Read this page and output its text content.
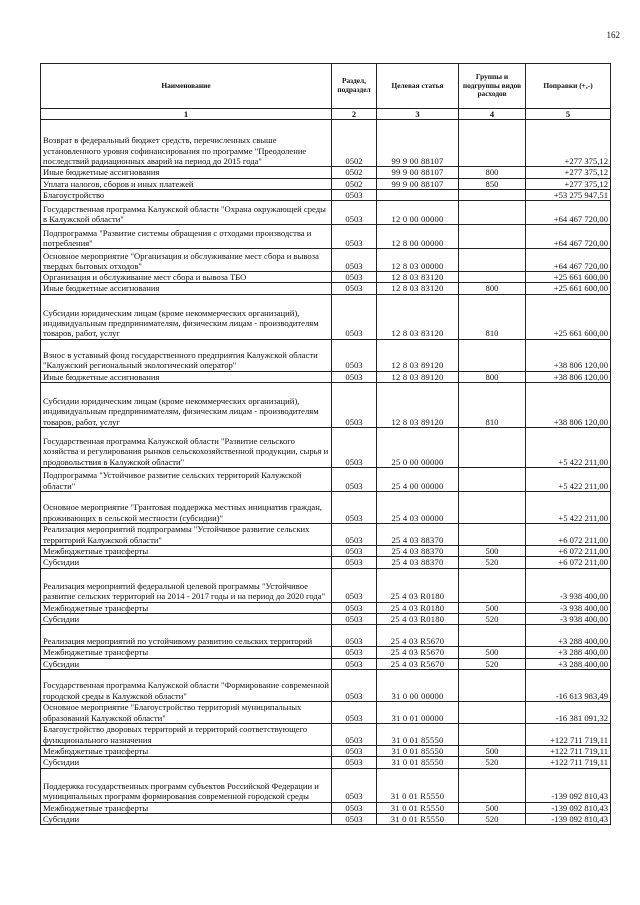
162
Наименование	Раздел, подраздел	Целевая статья	Группы и подгруппы видов расходов	Поправки (+,-)
1	2	3	4	5
Возврат в федеральный бюджет средств, перечисленных свыше установленного уровня софинансирования по программе "Преодоление последствий радиационных аварий на период до 2015 года"	0502	99 9 00 88107		+277 375,12
Иные бюджетные ассигнования	0502	99 9 00 88107	800	+277 375,12
Уплата налогов, сборов и иных платежей	0502	99 9 00 88107	850	+277 375,12
Благоустройство	0503			+53 275 947,51
Государственная программа Калужской области "Охрана окружающей среды в Калужской области"	0503	12 0 00 00000		+64 467 720,00
Подпрограмма "Развитие системы обращения с отходами производства и потребления"	0503	12 8 00 00000		+64 467 720,00
Основное мероприятие "Организация и обслуживание мест сбора и вывоза твердых бытовых отходов"	0503	12 8 03 00000		+64 467 720,00
Организация и обслуживание мест сбора и вывоза ТБО	0503	12 8 03 83120		+25 661 600,00
Иные бюджетные ассигнования	0503	12 8 03 83120	800	+25 661 600,00
Субсидии юридическим лицам (кроме некоммерческих организаций), индивидуальным предпринимателям, физическим лицам - производителям товаров, работ, услуг	0503	12 8 03 83120	810	+25 661 600,00
Взнос в уставный фонд государственного предприятия Калужской области "Калужский региональный экологический оператор"	0503	12 8 03 89120		+38 806 120,00
Иные бюджетные ассигнования	0503	12 8 03 89120	800	+38 806 120,00
Субсидии юридическим лицам (кроме некоммерческих организаций), индивидуальным предпринимателям, физическим лицам - производителям товаров, работ, услуг	0503	12 8 03 89120	810	+38 806 120,00
Государственная программа Калужской области "Развитие сельского хозяйства и регулирования рынков сельскохозяйственной продукции, сырья и продовольствия в Калужской области"	0503	25 0 00 00000		+5 422 211,00
Подпрограмма "Устойчивое развитие сельских территорий Калужской области"	0503	25 4 00 00000		+5 422 211,00
Основное мероприятие "Грантовая поддержка местных инициатив граждан, проживающих в сельской местности (субсидии)"	0503	25 4 03 00000		+5 422 211,00
Реализация мероприятий подпрограммы "Устойчивое развитие сельских территорий Калужской области"	0503	25 4 03 88370		+6 072 211,00
Межбюджетные трансферты	0503	25 4 03 88370	500	+6 072 211,00
Субсидии	0503	25 4 03 88370	520	+6 072 211,00
Реализация мероприятий федеральной целевой программы "Устойчивое развитие сельских территорий на 2014 - 2017 годы и на период до 2020 года"	0503	25 4 03 R0180		-3 938 400,00
Межбюджетные трансферты	0503	25 4 03 R0180	500	-3 938 400,00
Субсидии	0503	25 4 03 R0180	520	-3 938 400,00
Реализация мероприятий по устойчивому развитию сельских территорий	0503	25 4 03 R5670		+3 288 400,00
Межбюджетные трансферты	0503	25 4 03 R5670	500	+3 288 400,00
Субсидии	0503	25 4 03 R5670	520	+3 288 400,00
Государственная программа Калужской области "Формирование современной городской среды в Калужской области"	0503	31 0 00 00000		-16 613 983,49
Основное мероприятие "Благоустройство территорий муниципальных образований Калужской области"	0503	31 0 01 00000		-16 381 091,32
Благоустройство дворовых территорий и территорий соответствующего функционального назначения	0503	31 0 01 85550		+122 711 719,11
Межбюджетные трансферты	0503	31 0 01 85550	500	+122 711 719,11
Субсидии	0503	31 0 01 85550	520	+122 711 719,11
Поддержка государственных программ субъектов Российской Федерации и муниципальных программ формирования современной городской среды	0503	31 0 01 R5550		-139 092 810,43
Межбюджетные трансферты	0503	31 0 01 R5550	500	-139 092 810,43
Субсидии	0503	31 0 01 R5550	520	-139 092 810,43
